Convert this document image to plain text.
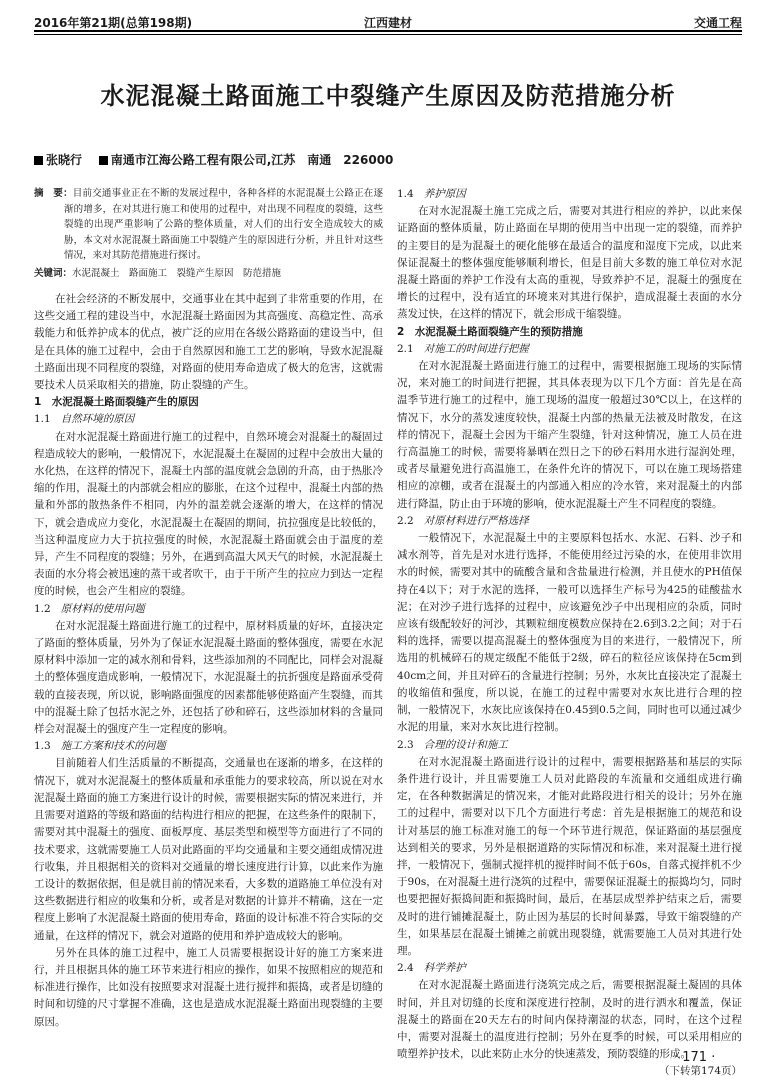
2016年第21期(总第198期)	江西建材	交通工程
水泥混凝土路面施工中裂缝产生原因及防范措施分析
张晓行 南通市江海公路工程有限公司,江苏　南通　226000

摘　要：目前交通事业正在不断的发展过程中，各种各样的水泥混凝土公路正在逐渐的增多，在对其进行施工和使用的过程中，对出现不同程度的裂缝，这些裂缝的出现严重影响了公路的整体质量，对人们的出行安全造成较大的威胁，本文对水泥混凝土路面施工中裂缝产生的原因进行分析，并且针对这些情况，来对其防范措施进行探讨。

关键词：水泥混凝土　路面施工　裂缝产生原因　防范措施

在社会经济的不断发展中，交通事业在其中起到了非常重要的作用，在这些交通工程的建设当中，水泥混凝土路面因为其高强度、高稳定性、高承载能力和低养护成本的优点，被广泛的应用在各级公路路面的建设当中，但是在具体的施工过程中，会由于自然原因和施工工艺的影响，导致水泥混凝土路面出现不同程度的裂缝，对路面的使用寿命造成了极大的危害，这就需要技术人员采取相关的措施，防止裂缝的产生。

1　水泥混凝土路面裂缝产生的原因

1.1 自然环境的原因

在对水泥混凝土路面进行施工的过程中，自然环境会对混凝土的凝固过程造成较大的影响，一般情况下，水泥混凝土在凝固的过程中会放出大量的水化热，在这样的情况下，混凝土内部的温度就会急剧的升高，由于热胀冷缩的作用，混凝土的内部就会相应的膨胀，在这个过程中，混凝土内部的热量和外部的散热条件不相同，内外的温差就会逐渐的增大，在这样的情况下，就会造成应力变化，水泥混凝土在凝固的期间，抗拉强度是比较低的，当这种温度应力大于抗拉强度的时候，水泥混凝土路面就会由于温度的差异，产生不同程度的裂缝；另外，在遇到高温大风天气的时候，水泥混凝土表面的水分将会被迅速的蒸干或者吹干，由于干所产生的拉应力到达一定程度的时候，也会产生相应的裂缝。

1.2 原材料的使用问题

在对水泥混凝土路面进行施工的过程中，原材料质量的好坏，直接决定了路面的整体质量，另外为了保证水泥混凝土路面的整体强度，需要在水泥原材料中添加一定的减水剂和骨料，这些添加剂的不同配比，同样会对混凝土的整体强度造成影响，一般情况下，水泥混凝土的抗折强度是路面承受荷载的直接表现，所以说，影响路面强度的因素都能够使路面产生裂缝，而其中的混凝土除了包括水泥之外，还包括了砂和碎石，这些添加材料的含量同样会对混凝土的强度产生一定程度的影响。

1.3 施工方案和技术的问题

目前随着人们生活质量的不断提高，交通量也在逐渐的增多，在这样的情况下，就对水泥混凝土的整体质量和承重能力的要求较高，所以说在对水泥混凝土路面的施工方案进行设计的时候，需要根据实际的情况来进行，并且需要对道路的等级和路面的结构进行相应的把握，在这些条件的限制下，需要对其中混凝土的强度、面板厚度、基层类型和模型等方面进行了不同的技术要求，这就需要施工人员对此路面的平均交通量和主要交通组成情况进行收集，并且根据相关的资料对交通量的增长速度进行计算，以此来作为施工设计的数据依据，但是就目前的情况来看，大多数的道路施工单位没有对这些数据进行相应的收集和分析，或者是对数据的计算并不精确，这在一定程度上影响了水泥混凝土路面的使用寿命，路面的设计标准不符合实际的交通量，在这样的情况下，就会对道路的使用和养护造成较大的影响。

另外在具体的施工过程中，施工人员需要根据设计好的施工方案来进行，并且根据具体的施工环节来进行相应的操作，如果不按照相应的规范和标准进行操作，比如没有按照要求对混凝土进行搅拌和振捣，或者是切缝的时间和切缝的尺寸掌握不准确，这也是造成水泥混凝土路面出现裂缝的主要原因。

1.4 养护原因

在对水泥混凝土施工完成之后，需要对其进行相应的养护，以此来保证路面的整体质量，防止路面在早期的使用当中出现一定的裂缝，而养护的主要目的是为混凝土的硬化能够在最适合的温度和湿度下完成，以此来保证混凝土的整体强度能够顺利增长，但是目前大多数的施工单位对水泥混凝土路面的养护工作没有太高的重视，导致养护不足，混凝土的强度在增长的过程中，没有适宜的环境来对其进行保护，造成混凝土表面的水分蒸发过快，在这样的情况下，就会形成干缩裂缝。

2　水泥混凝土路面裂缝产生的预防措施

2.1 对施工的时间进行把握

在对水泥混凝土路面进行施工的过程中，需要根据施工现场的实际情况，来对施工的时间进行把握，其具体表现为以下几个方面：首先是在高温季节进行施工的过程中，施工现场的温度一般超过30℃以上，在这样的情况下，水分的蒸发速度较快，混凝土内部的热量无法被及时散发，在这样的情况下，混凝土会因为干缩产生裂缝，针对这种情况，施工人员在进行高温施工的时候，需要将暴晒在烈日之下的砂石料用水进行湿润处理，或者尽量避免进行高温施工，在条件允许的情况下，可以在施工现场搭建相应的凉棚，或者在混凝土的内部通入相应的冷水管，来对混凝土的内部进行降温，防止由于环境的影响，使水泥混凝土产生不同程度的裂缝。

2.2 对原材料进行严格选择

一般情况下，水泥混凝土中的主要原料包括水、水泥、石料、沙子和减水剂等，首先是对水进行选择，不能使用经过污染的水，在使用非饮用水的时候，需要对其中的硫酸含量和含盐量进行检测，并且使水的PH值保持在4以下；对于水泥的选择，一般可以选择生产标号为425的硅酸盐水泥；在对沙子进行选择的过程中，应该避免沙子中出现相应的杂质，同时应该有级配较好的河沙，其颗粒细度模数应保持在2.6到3.2之间；对于石料的选择，需要以提高混凝土的整体强度为目的来进行，一般情况下，所选用的机械碎石的规定级配不能低于2级，碎石的粒径应该保持在5cm到40cm之间，并且对碎石的含量进行控制；另外，水灰比直接决定了混凝土的收缩值和强度，所以说，在施工的过程中需要对水灰比进行合理的控制，一般情况下，水灰比应该保持在0.45到0.5之间，同时也可以通过减少水泥的用量，来对水灰比进行控制。

2.3 合理的设计和施工

在对水泥混凝土路面进行设计的过程中，需要根据路基和基层的实际条件进行设计，并且需要施工人员对此路段的车流量和交通组成进行确定，在各种数据满足的情况来，才能对此路段进行相关的设计；另外在施工的过程中，需要对以下几个方面进行考虑：首先是根据施工的规范和设计对基层的施工标准对施工的每一个环节进行规范，保证路面的基层强度达到相关的要求，另外是根据道路的实际情况和标准，来对混凝土进行搅拌，一般情况下，强制式搅拌机的搅拌时间不低于60s，自落式搅拌机不少于90s，在对混凝土进行浇筑的过程中，需要保证混凝土的振捣均匀，同时也要把握好振捣间距和振捣时间，最后，在基层成型养护结束之后，需要及时的进行铺摊混凝土，防止因为基层的长时间暴露，导致干缩裂缝的产生，如果基层在混凝土铺摊之前就出现裂缝，就需要施工人员对其进行处理。

2.4 科学养护

在对水泥混凝土路面进行浇筑完成之后，需要根据混凝土凝固的具体时间，并且对切缝的长度和深度进行控制，及时的进行洒水和覆盖，保证混凝土的路面在20天左右的时间内保持潮湿的状态，同时，在这个过程中，需要对混凝土的温度进行控制；另外在夏季的时候，可以采用相应的喷塑养护技术，以此来防止水分的快速蒸发，预防裂缝的形成。

（下转第174页）

· 171 ·
